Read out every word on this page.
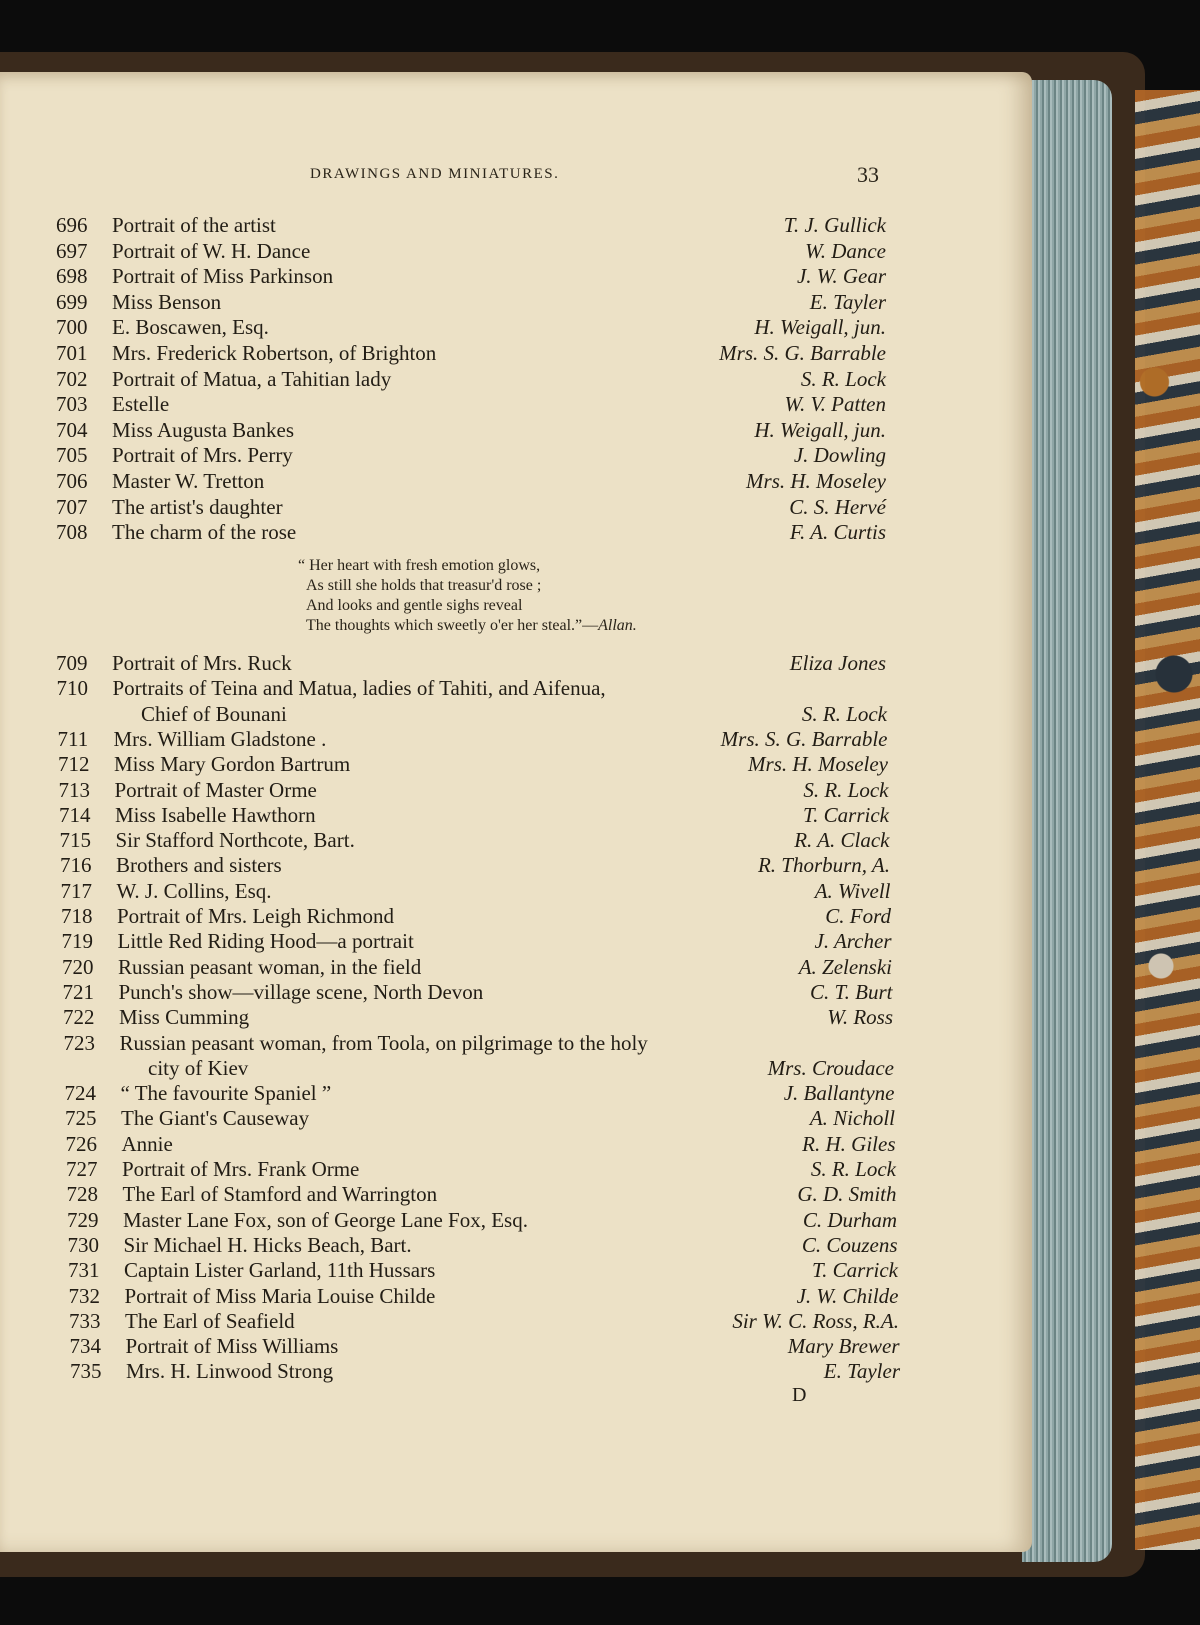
DRAWINGS AND MINIATURES.	33
696	Portrait of the artist	T. J. Gullick
697	Portrait of W. H. Dance	W. Dance
698	Portrait of Miss Parkinson	J. W. Gear
699	Miss Benson	E. Tayler
700	E. Boscawen, Esq.	H. Weigall, jun.
701	Mrs. Frederick Robertson, of Brighton	Mrs. S. G. Barrable
702	Portrait of Matua, a Tahitian lady	S. R. Lock
703	Estelle	W. V. Patten
704	Miss Augusta Bankes	H. Weigall, jun.
705	Portrait of Mrs. Perry	J. Dowling
706	Master W. Tretton	Mrs. H. Moseley
707	The artist's daughter	C. S. Hervé
708	The charm of the rose	F. A. Curtis
“ Her heart with fresh emotion glows,
As still she holds that treasur'd rose ;
And looks and gentle sighs reveal
The thoughts which sweetly o'er her steal.”—Allan.
709	Portrait of Mrs. Ruck	Eliza Jones
710	Portraits of Teina and Matua, ladies of Tahiti, and Aifenua,
Chief of Bounani	S. R. Lock
711	Mrs. William Gladstone .	Mrs. S. G. Barrable
712	Miss Mary Gordon Bartrum	Mrs. H. Moseley
713	Portrait of Master Orme	S. R. Lock
714	Miss Isabelle Hawthorn	T. Carrick
715	Sir Stafford Northcote, Bart.	R. A. Clack
716	Brothers and sisters	R. Thorburn, A.
717	W. J. Collins, Esq.	A. Wivell
718	Portrait of Mrs. Leigh Richmond	C. Ford
719	Little Red Riding Hood—a portrait	J. Archer
720	Russian peasant woman, in the field	A. Zelenski
721	Punch's show—village scene, North Devon	C. T. Burt
722	Miss Cumming	W. Ross
723	Russian peasant woman, from Toola, on pilgrimage to the holy
city of Kiev	Mrs. Croudace
724	“ The favourite Spaniel ”	J. Ballantyne
725	The Giant's Causeway	A. Nicholl
726	Annie	R. H. Giles
727	Portrait of Mrs. Frank Orme	S. R. Lock
728	The Earl of Stamford and Warrington	G. D. Smith
729	Master Lane Fox, son of George Lane Fox, Esq.	C. Durham
730	Sir Michael H. Hicks Beach, Bart.	C. Couzens
731	Captain Lister Garland, 11th Hussars	T. Carrick
732	Portrait of Miss Maria Louise Childe	J. W. Childe
733	The Earl of Seafield	Sir W. C. Ross, R.A.
734	Portrait of Miss Williams	Mary Brewer
735	Mrs. H. Linwood Strong	E. Tayler
D
